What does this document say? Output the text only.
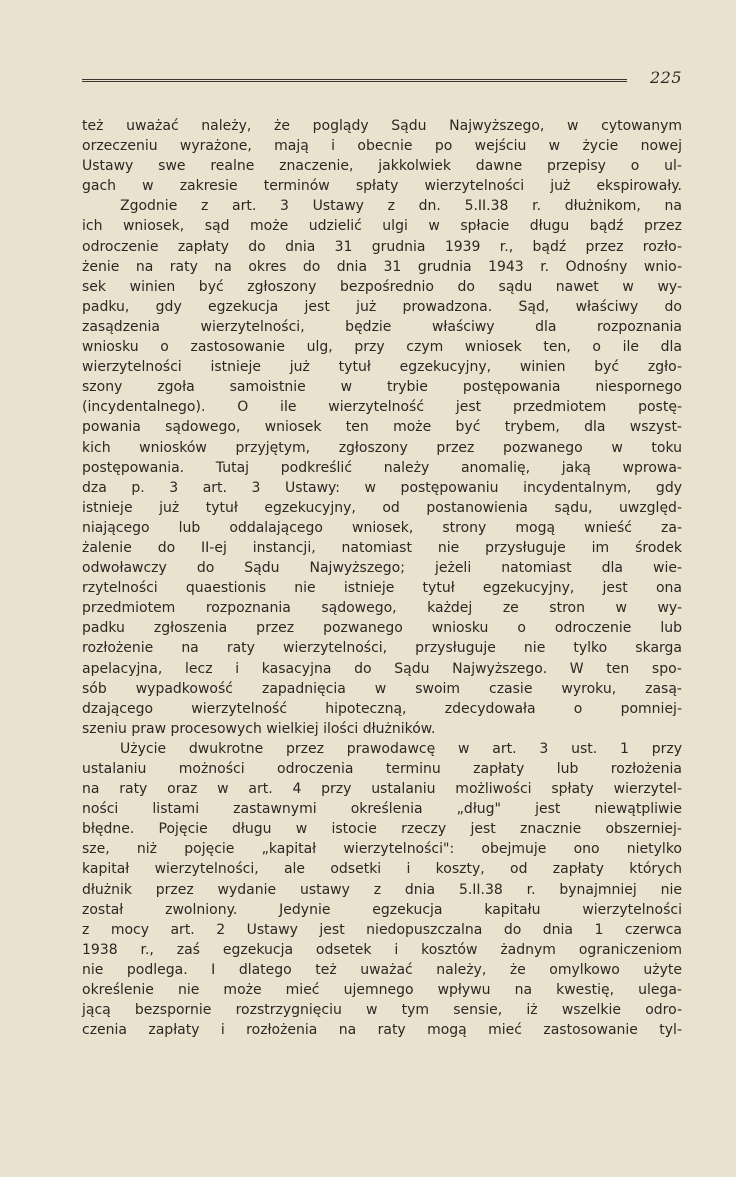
225
też uważać należy, że poglądy Sądu Najwyższego, w cytowanym
orzeczeniu wyrażone, mają i obecnie po wejściu w życie nowej
Ustawy swe realne znaczenie, jakkolwiek dawne przepisy o ul-
gach w zakresie terminów spłaty wierzytelności już ekspirowały.
Zgodnie z art. 3 Ustawy z dn. 5.II.38 r. dłużnikom, na
ich wniosek, sąd może udzielić ulgi w spłacie długu bądź przez
odroczenie zapłaty do dnia 31 grudnia 1939 r., bądź przez rozło-
żenie na raty na okres do dnia 31 grudnia 1943 r. Odnośny wnio-
sek winien być zgłoszony bezpośrednio do sądu nawet w wy-
padku, gdy egzekucja jest już prowadzona. Sąd, właściwy do
zasądzenia wierzytelności, będzie właściwy dla rozpoznania
wniosku o zastosowanie ulg, przy czym wniosek ten, o ile dla
wierzytelności istnieje już tytuł egzekucyjny, winien być zgło-
szony zgoła samoistnie w trybie postępowania niespornego
(incydentalnego). O ile wierzytelność jest przedmiotem postę-
powania sądowego, wniosek ten może być trybem, dla wszyst-
kich wniosków przyjętym, zgłoszony przez pozwanego w toku
postępowania. Tutaj podkreślić należy anomalię, jaką wprowa-
dza p. 3 art. 3 Ustawy: w postępowaniu incydentalnym, gdy
istnieje już tytuł egzekucyjny, od postanowienia sądu, uwzględ-
niającego lub oddalającego wniosek, strony mogą wnieść za-
żalenie do II-ej instancji, natomiast nie przysługuje im środek
odwoławczy do Sądu Najwyższego; jeżeli natomiast dla wie-
rzytelności quaestionis nie istnieje tytuł egzekucyjny, jest ona
przedmiotem rozpoznania sądowego, każdej ze stron w wy-
padku zgłoszenia przez pozwanego wniosku o odroczenie lub
rozłożenie na raty wierzytelności, przysługuje nie tylko skarga
apelacyjna, lecz i kasacyjna do Sądu Najwyższego. W ten spo-
sób wypadkowość zapadnięcia w swoim czasie wyroku, zasą-
dzającego wierzytelność hipoteczną, zdecydowała o pomniej-
szeniu praw procesowych wielkiej ilości dłużników.
Użycie dwukrotne przez prawodawcę w art. 3 ust. 1 przy
ustalaniu możności odroczenia terminu zapłaty lub rozłożenia
na raty oraz w art. 4 przy ustalaniu możliwości spłaty wierzytel-
ności listami zastawnymi określenia „dług" jest niewątpliwie
błędne. Pojęcie długu w istocie rzeczy jest znacznie obszerniej-
sze, niż pojęcie „kapitał wierzytelności": obejmuje ono nietylko
kapitał wierzytelności, ale odsetki i koszty, od zapłaty których
dłużnik przez wydanie ustawy z dnia 5.II.38 r. bynajmniej nie
został zwolniony. Jedynie egzekucja kapitału wierzytelności
z mocy art. 2 Ustawy jest niedopuszczalna do dnia 1 czerwca
1938 r., zaś egzekucja odsetek i kosztów żadnym ograniczeniom
nie podlega. I dlatego też uważać należy, że omylkowo użyte
określenie nie może mieć ujemnego wpływu na kwestię, ulega-
jącą bezspornie rozstrzygnięciu w tym sensie, iż wszelkie odro-
czenia zapłaty i rozłożenia na raty mogą mieć zastosowanie tyl-
